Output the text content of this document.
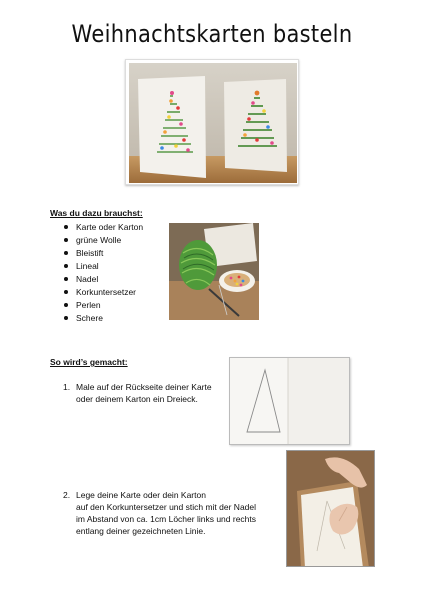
Weihnachtskarten basteln
Was du dazu brauchst:
Karte oder Karton
grüne Wolle
Bleistift
Lineal
Nadel
Korkuntersetzer
Perlen
Schere
So wird’s gemacht:
1. Male auf der Rückseite deiner Karte
oder deinem Karton ein Dreieck.
2. Lege deine Karte oder dein Karton
auf den Korkuntersetzer und stich mit der Nadel
im Abstand von ca. 1cm Löcher links und rechts
entlang deiner gezeichneten Linie.
